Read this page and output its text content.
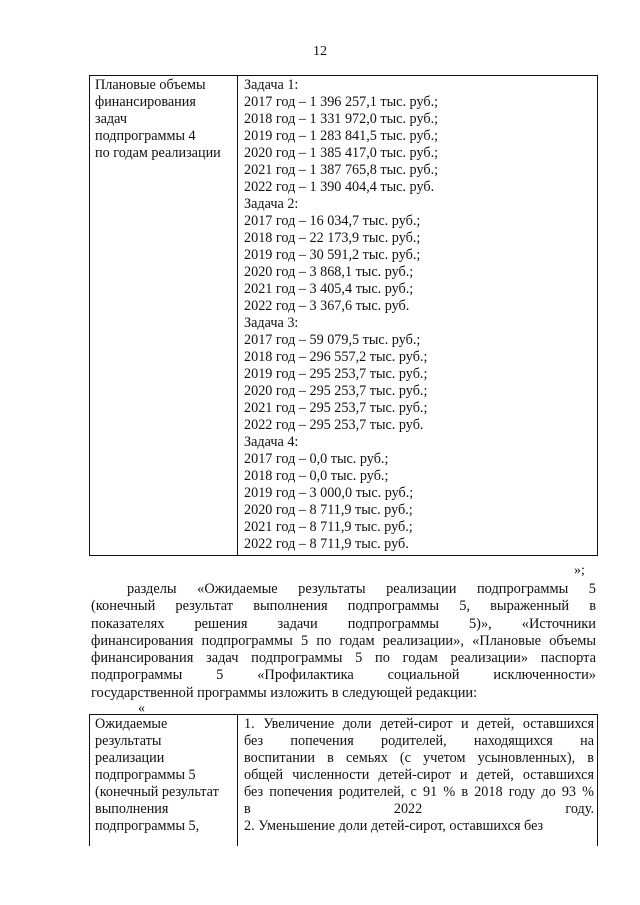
12
Плановые объемы
финансирования
задач
подпрограммы 4
по годам реализации

Задача 1:
2017 год – 1 396 257,1 тыс. руб.;
2018 год – 1 331 972,0 тыс. руб.;
2019 год – 1 283 841,5 тыс. руб.;
2020 год – 1 385 417,0 тыс. руб.;
2021 год – 1 387 765,8 тыс. руб.;
2022 год – 1 390 404,4 тыс. руб.
Задача 2:
2017 год – 16 034,7 тыс. руб.;
2018 год – 22 173,9 тыс. руб.;
2019 год – 30 591,2 тыс. руб.;
2020 год – 3 868,1 тыс. руб.;
2021 год – 3 405,4 тыс. руб.;
2022 год – 3 367,6 тыс. руб.
Задача 3:
2017 год – 59 079,5 тыс. руб.;
2018 год – 296 557,2 тыс. руб.;
2019 год – 295 253,7 тыс. руб.;
2020 год – 295 253,7 тыс. руб.;
2021 год – 295 253,7 тыс. руб.;
2022 год – 295 253,7 тыс. руб.
Задача 4:
2017 год – 0,0 тыс. руб.;
2018 год – 0,0 тыс. руб.;
2019 год – 3 000,0 тыс. руб.;
2020 год – 8 711,9 тыс. руб.;
2021 год – 8 711,9 тыс. руб.;
2022 год – 8 711,9 тыс. руб.
»;
разделы «Ожидаемые результаты реализации подпрограммы 5
(конечный результат выполнения подпрограммы 5, выраженный в
показателях решения задачи подпрограммы 5)», «Источники
финансирования подпрограммы 5 по годам реализации», «Плановые объемы
финансирования задач подпрограммы 5 по годам реализации» паспорта
подпрограммы 5 «Профилактика социальной исключенности»
государственной программы изложить в следующей редакции:
«
Ожидаемые
результаты
реализации
подпрограммы 5
(конечный результат
выполнения
подпрограммы 5,

1. Увеличение доли детей-сирот и детей, оставшихся
без попечения родителей, находящихся на
воспитании в семьях (с учетом усыновленных), в
общей численности детей-сирот и детей, оставшихся
без попечения родителей, с 91 % в 2018 году до 93 %
в 2022 году.
2. Уменьшение доли детей-сирот, оставшихся без
